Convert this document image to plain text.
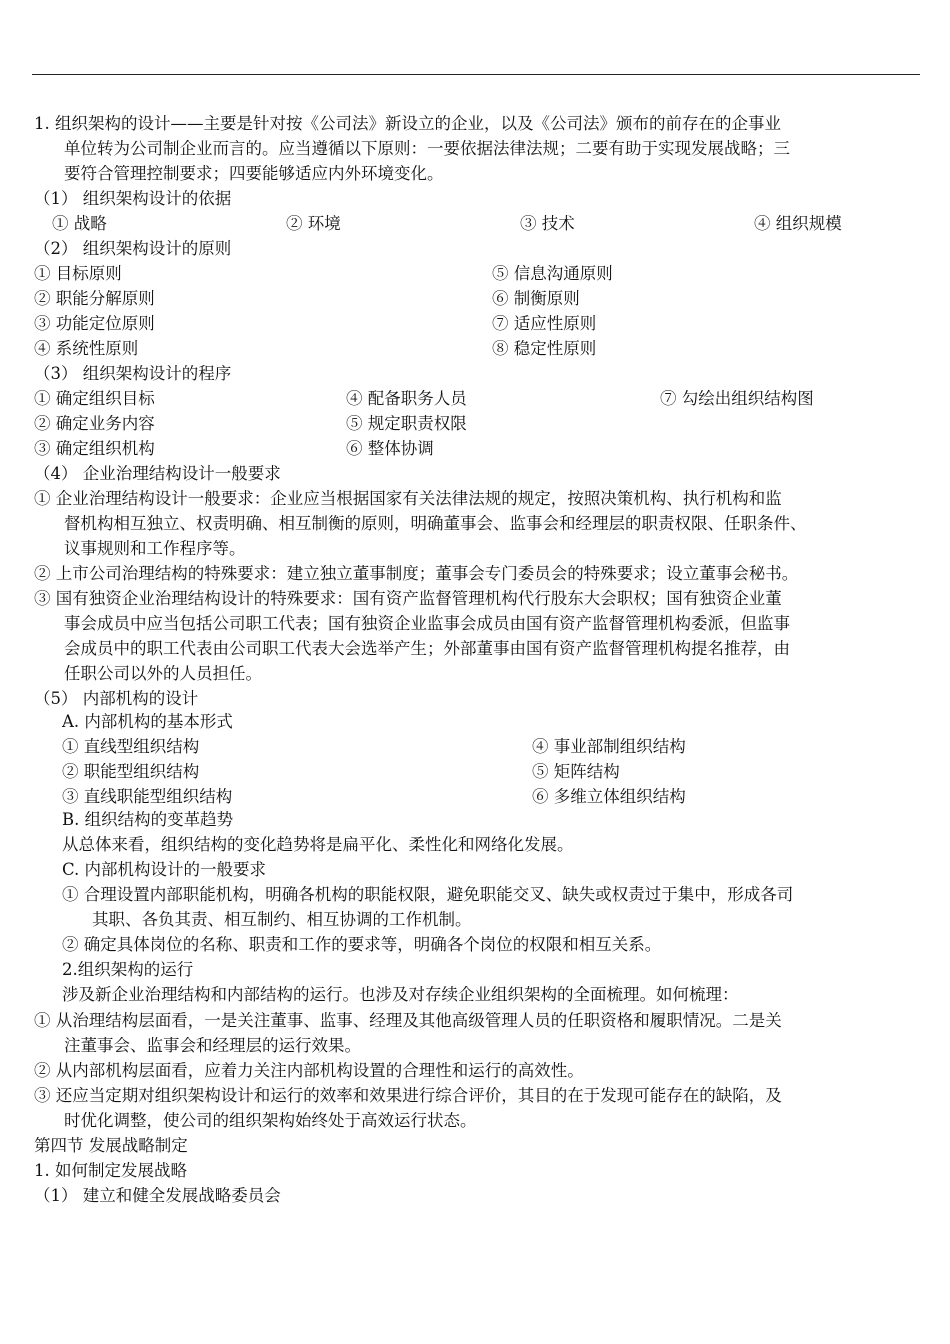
1. 组织架构的设计——主要是针对按《公司法》新设立的企业，以及《公司法》颁布的前存在的企事业
单位转为公司制企业而言的。应当遵循以下原则：一要依据法律法规；二要有助于实现发展战略；三
要符合管理控制要求；四要能够适应内外环境变化。
（1） 组织架构设计的依据
① 战略	② 环境	③ 技术	④ 组织规模
（2） 组织架构设计的原则
① 目标原则
② 职能分解原则
③ 功能定位原则
④ 系统性原则
⑤ 信息沟通原则
⑥ 制衡原则
⑦ 适应性原则
⑧ 稳定性原则
（3） 组织架构设计的程序
① 确定组织目标
② 确定业务内容
③ 确定组织机构
④ 配备职务人员
⑤ 规定职责权限
⑥ 整体协调
⑦ 勾绘出组织结构图
（4） 企业治理结构设计一般要求
① 企业治理结构设计一般要求：企业应当根据国家有关法律法规的规定，按照决策机构、执行机构和监
督机构相互独立、权责明确、相互制衡的原则，明确董事会、监事会和经理层的职责权限、任职条件、
议事规则和工作程序等。
② 上市公司治理结构的特殊要求：建立独立董事制度；董事会专门委员会的特殊要求；设立董事会秘书。
③ 国有独资企业治理结构设计的特殊要求：国有资产监督管理机构代行股东大会职权；国有独资企业董
事会成员中应当包括公司职工代表；国有独资企业监事会成员由国有资产监督管理机构委派，但监事
会成员中的职工代表由公司职工代表大会选举产生；外部董事由国有资产监督管理机构提名推荐，由
任职公司以外的人员担任。
（5） 内部机构的设计
A. 内部机构的基本形式
① 直线型组织结构
② 职能型组织结构
③ 直线职能型组织结构
④ 事业部制组织结构
⑤ 矩阵结构
⑥ 多维立体组织结构
B. 组织结构的变革趋势
从总体来看，组织结构的变化趋势将是扁平化、柔性化和网络化发展。
C. 内部机构设计的一般要求
① 合理设置内部职能机构，明确各机构的职能权限，避免职能交叉、缺失或权责过于集中，形成各司
其职、各负其责、相互制约、相互协调的工作机制。
② 确定具体岗位的名称、职责和工作的要求等，明确各个岗位的权限和相互关系。
2.组织架构的运行
涉及新企业治理结构和内部结构的运行。也涉及对存续企业组织架构的全面梳理。如何梳理：
① 从治理结构层面看，一是关注董事、监事、经理及其他高级管理人员的任职资格和履职情况。二是关
注董事会、监事会和经理层的运行效果。
② 从内部机构层面看，应着力关注内部机构设置的合理性和运行的高效性。
③ 还应当定期对组织架构设计和运行的效率和效果进行综合评价，其目的在于发现可能存在的缺陷，及
时优化调整，使公司的组织架构始终处于高效运行状态。
第四节 发展战略制定
1. 如何制定发展战略
（1） 建立和健全发展战略委员会
